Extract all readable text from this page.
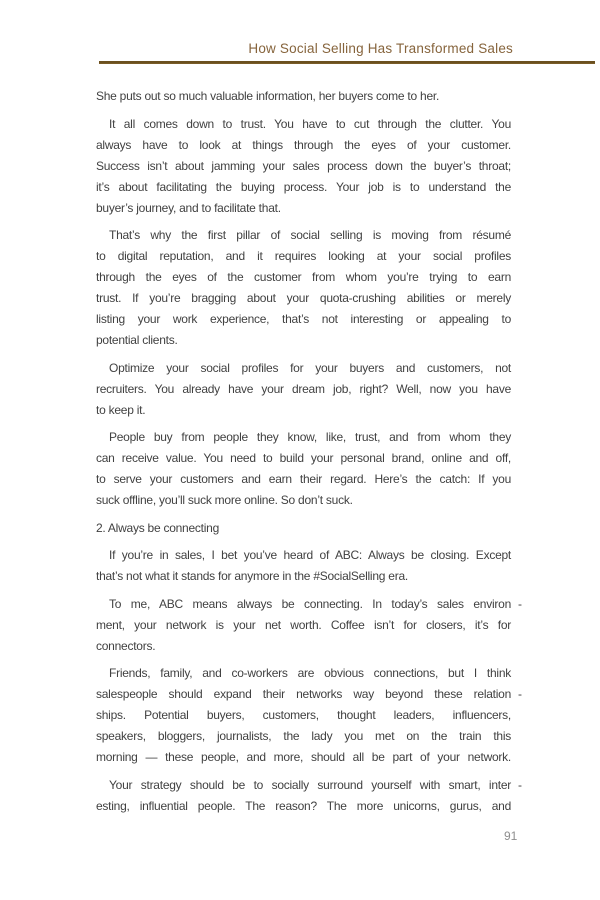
How Social Selling Has Transformed Sales
She puts out so much valuable information, her buyers come to her.
It all comes down to trust. You have to cut through the clutter. You
always have to look at things through the eyes of your customer.
Success isn’t about jamming your sales process down the buyer’s throat;
it’s about facilitating the buying process. Your job is to understand the
buyer’s journey, and to facilitate that.
That’s why the first pillar of social selling is moving from résumé
to digital reputation, and it requires looking at your social profiles
through the eyes of the customer from whom you’re trying to earn
trust. If you’re bragging about your quota-crushing abilities or merely
listing your work experience, that’s not interesting or appealing to
potential clients.
Optimize your social profiles for your buyers and customers, not
recruiters. You already have your dream job, right? Well, now you have
to keep it.
People buy from people they know, like, trust, and from whom they
can receive value. You need to build your personal brand, online and off,
to serve your customers and earn their regard. Here’s the catch: If you
suck offline, you’ll suck more online. So don’t suck.
2. Always be connecting
If you’re in sales, I bet you’ve heard of ABC: Always be closing. Except
that’s not what it stands for anymore in the #SocialSelling era.
To me, ABC means always be connecting. In today’s sales environ -
ment, your network is your net worth. Coffee isn’t for closers, it’s for
connectors.
Friends, family, and co-workers are obvious connections, but I think
salespeople should expand their networks way beyond these relation -
ships. Potential buyers, customers, thought leaders, influencers,
speakers, bloggers, journalists, the lady you met on the train this
morning — these people, and more, should all be part of your network.
Your strategy should be to socially surround yourself with smart, inter -
esting, influential people. The reason? The more unicorns, gurus, and
91
